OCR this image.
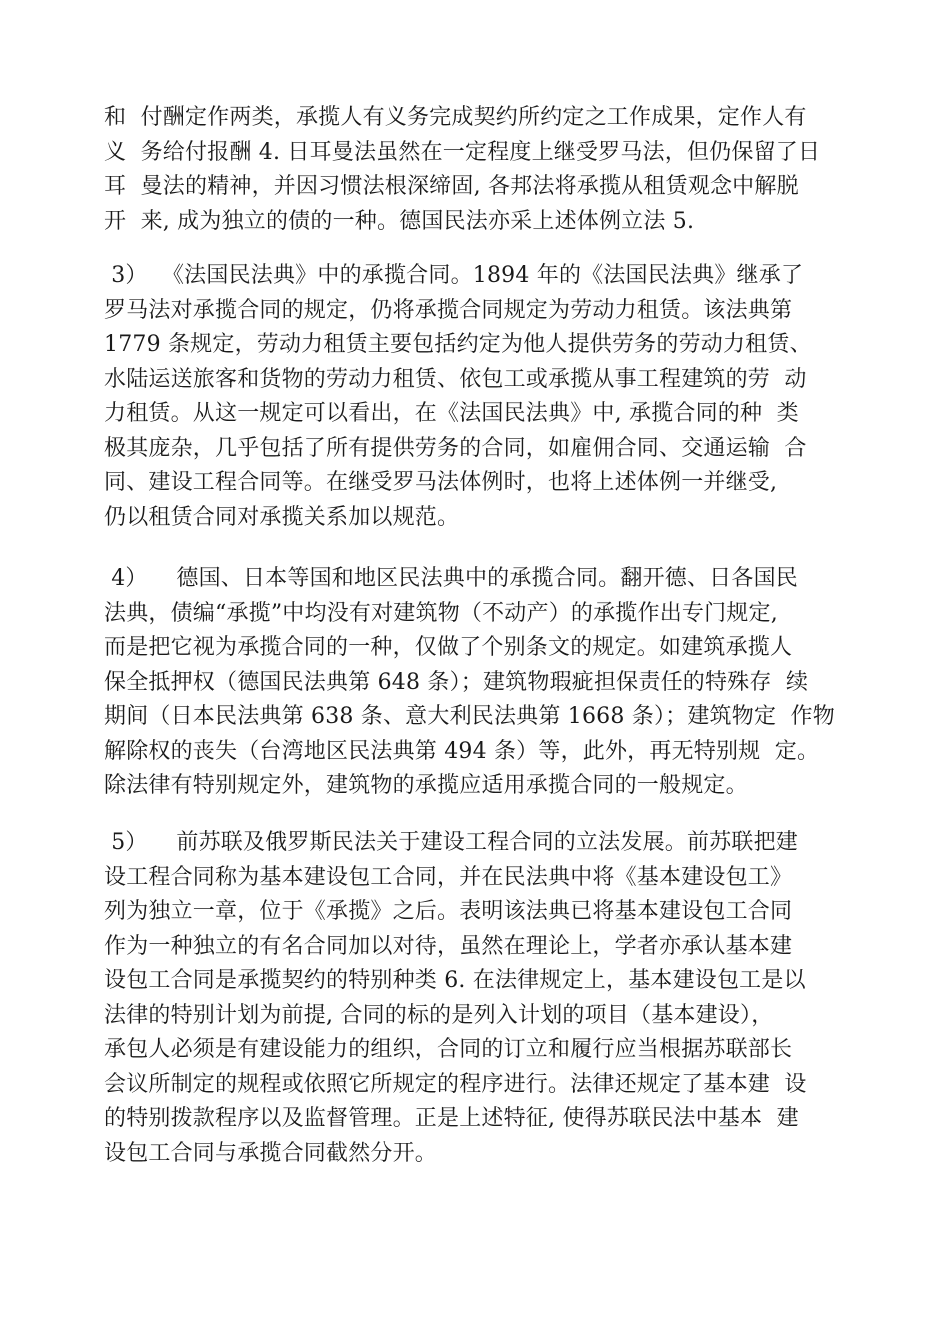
和  付酬定作两类，承揽人有义务完成契约所约定之工作成果，定作人有
义  务给付报酬 4. 日耳曼法虽然在一定程度上继受罗马法，但仍保留了日
耳  曼法的精神，并因习惯法根深缔固, 各邦法将承揽从租赁观念中解脱
开  来, 成为独立的债的一种。德国民法亦采上述体例立法 5.
3）  《法国民法典》中的承揽合同。1894 年的《法国民法典》继承了
罗马法对承揽合同的规定，仍将承揽合同规定为劳动力租赁。该法典第
1779 条规定，劳动力租赁主要包括约定为他人提供劳务的劳动力租赁、
水陆运送旅客和货物的劳动力租赁、依包工或承揽从事工程建筑的劳  动
力租赁。从这一规定可以看出，在《法国民法典》中, 承揽合同的种  类
极其庞杂，几乎包括了所有提供劳务的合同，如雇佣合同、交通运输  合
同、建设工程合同等。在继受罗马法体例时，也将上述体例一并继受,
仍以租赁合同对承揽关系加以规范。
4）    德国、日本等国和地区民法典中的承揽合同。翻开德、日各国民
法典，债编“承揽”中均没有对建筑物（不动产）的承揽作出专门规定,
而是把它视为承揽合同的一种，仅做了个别条文的规定。如建筑承揽人
保全抵押权（德国民法典第 648 条）；建筑物瑕疵担保责任的特殊存  续
期间（日本民法典第 638 条、意大利民法典第 1668 条）；建筑物定  作物
解除权的丧失（台湾地区民法典第 494 条）等，此外，再无特别规  定。
除法律有特别规定外，建筑物的承揽应适用承揽合同的一般规定。
5）    前苏联及俄罗斯民法关于建设工程合同的立法发展。前苏联把建
设工程合同称为基本建设包工合同，并在民法典中将《基本建设包工》
列为独立一章，位于《承揽》之后。表明该法典已将基本建设包工合同
作为一种独立的有名合同加以对待，虽然在理论上，学者亦承认基本建
设包工合同是承揽契约的特别种类 6. 在法律规定上，基本建设包工是以
法律的特别计划为前提, 合同的标的是列入计划的项目（基本建设），
承包人必须是有建设能力的组织，合同的订立和履行应当根据苏联部长
会议所制定的规程或依照它所规定的程序进行。法律还规定了基本建  设
的特别拨款程序以及监督管理。正是上述特征, 使得苏联民法中基本  建
设包工合同与承揽合同截然分开。
